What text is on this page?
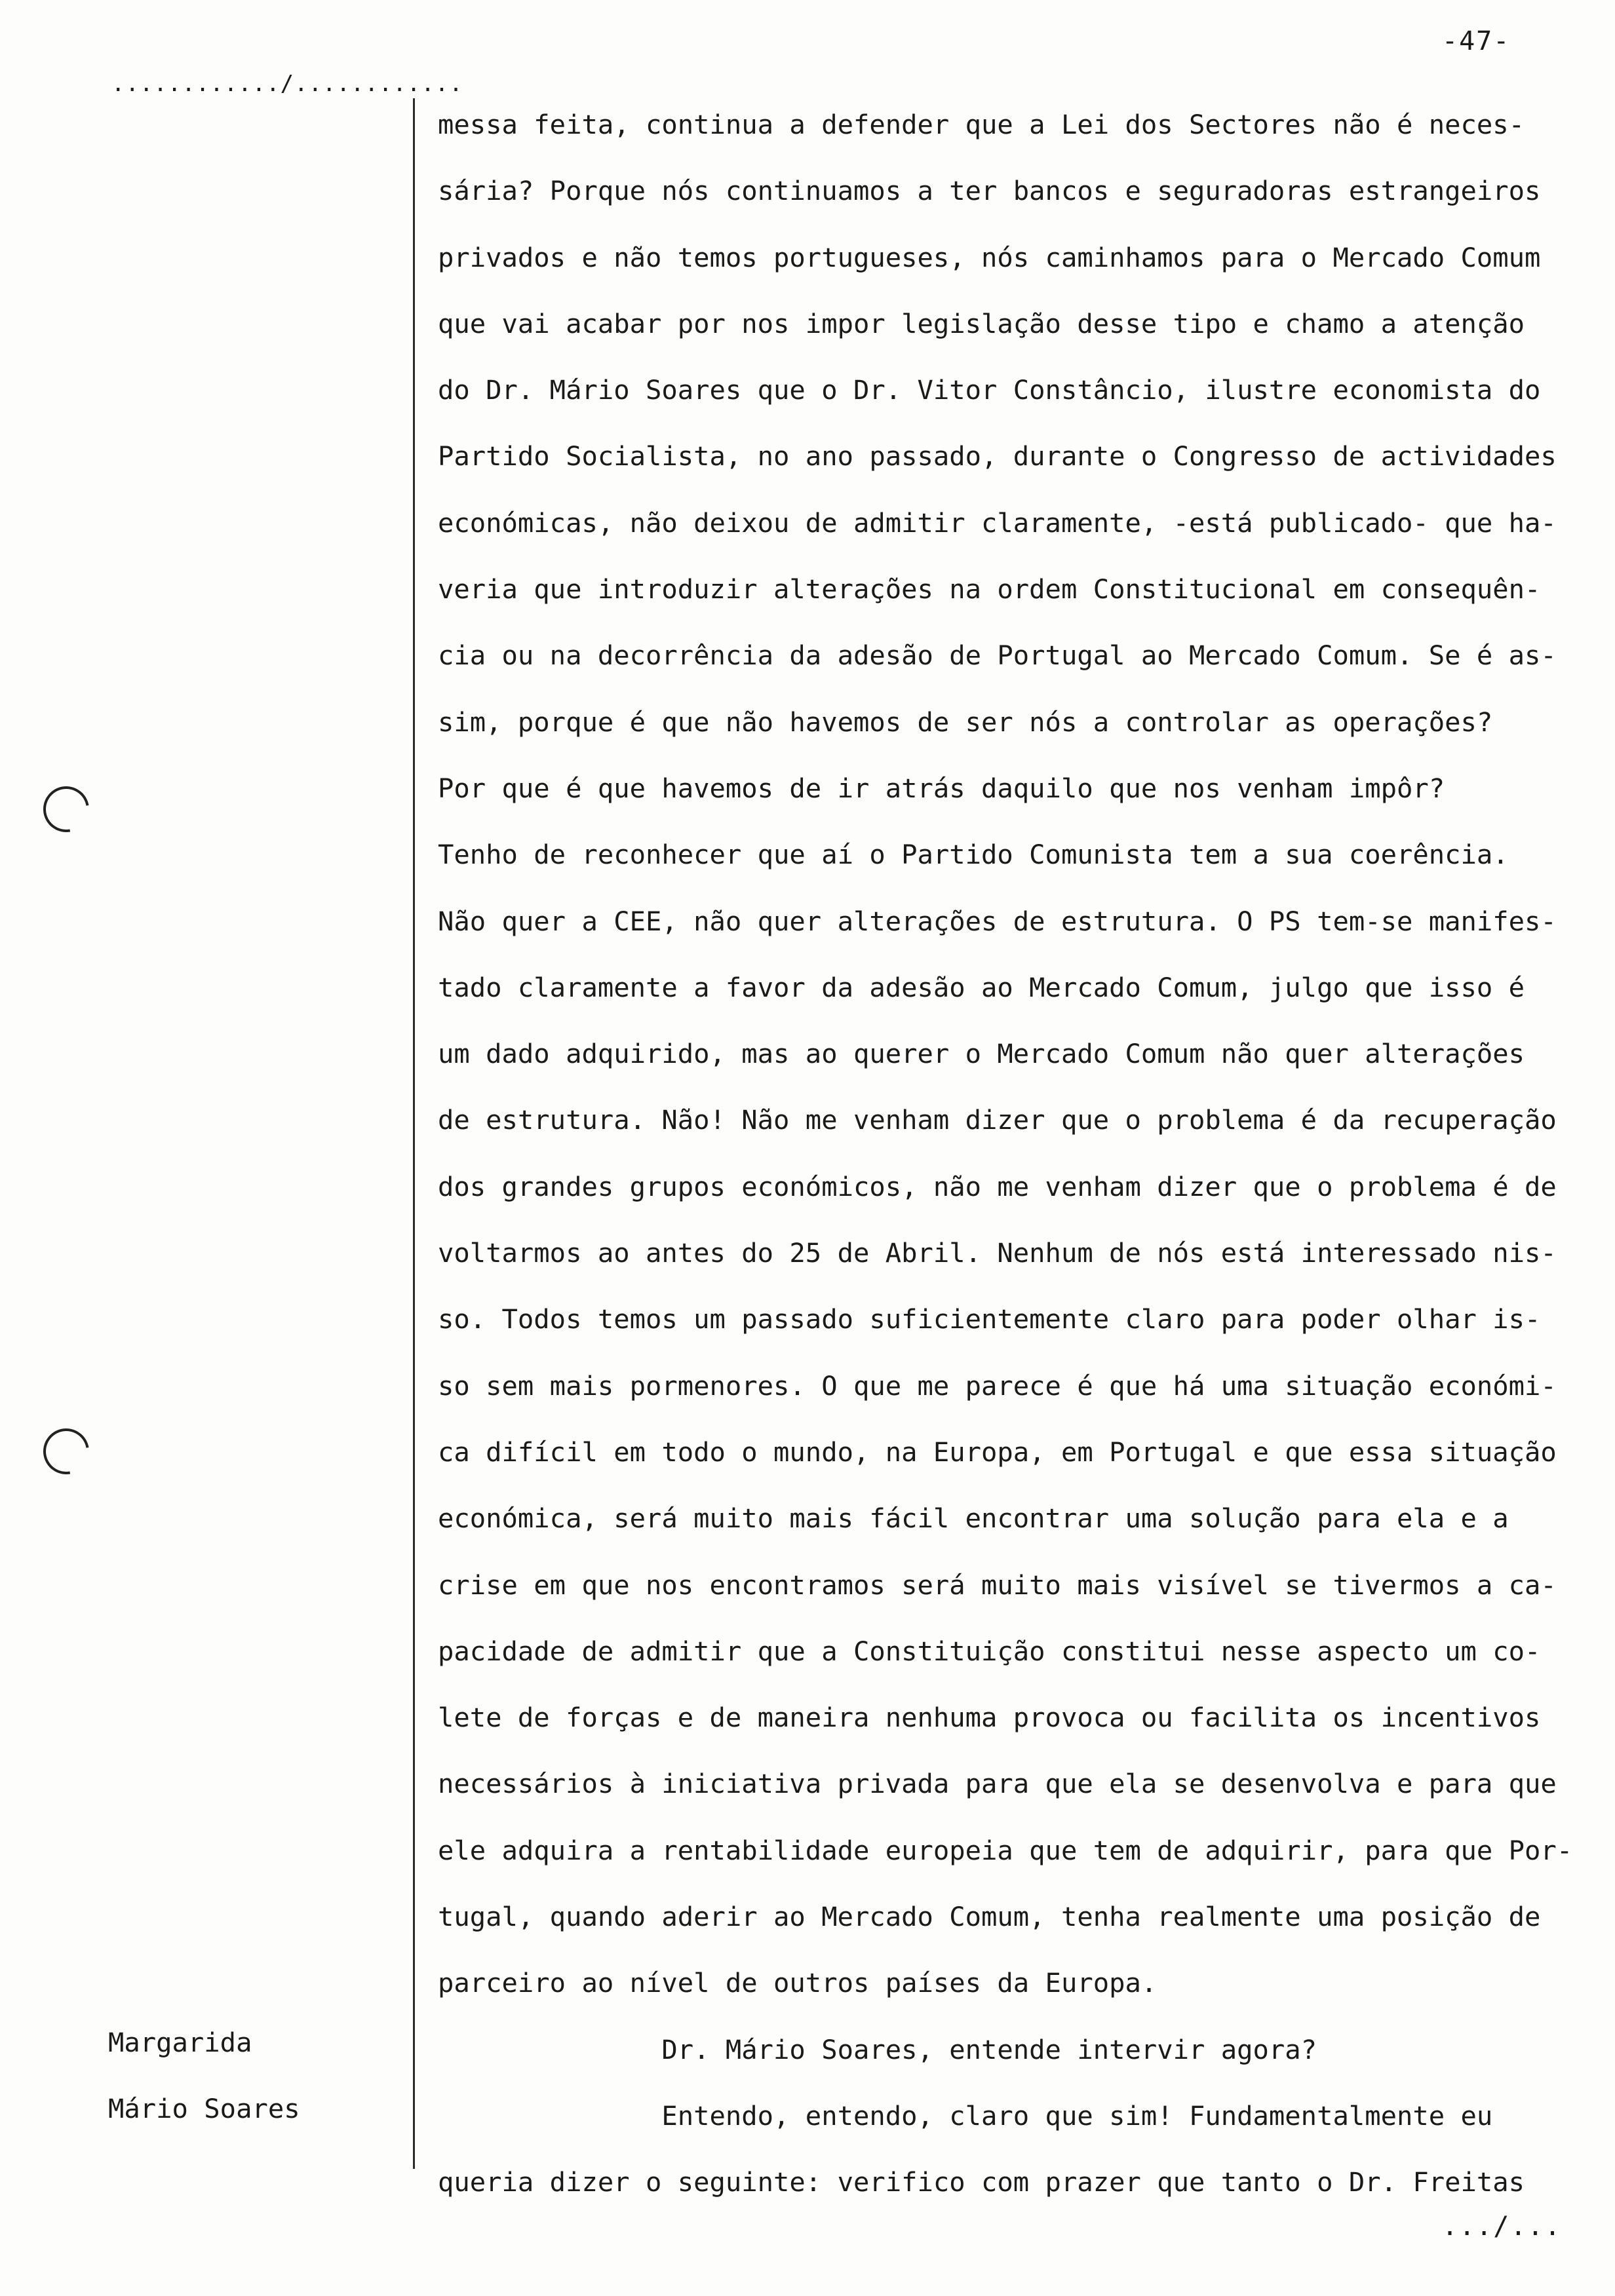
............/............
-47-
messa feita, continua a defender que a Lei dos Sectores não é neces-
sária? Porque nós continuamos a ter bancos e seguradoras estrangeiros
privados e não temos portugueses, nós caminhamos para o Mercado Comum
que vai acabar por nos impor legislação desse tipo e chamo a atenção
do Dr. Mário Soares que o Dr. Vitor Constâncio, ilustre economista do
Partido Socialista, no ano passado, durante o Congresso de actividades
económicas, não deixou de admitir claramente, -está publicado- que ha-
veria que introduzir alterações na ordem Constitucional em consequên-
cia ou na decorrência da adesão de Portugal ao Mercado Comum. Se é as-
sim, porque é que não havemos de ser nós a controlar as operações?
Por que é que havemos de ir atrás daquilo que nos venham impôr?
Tenho de reconhecer que aí o Partido Comunista tem a sua coerência.
Não quer a CEE, não quer alterações de estrutura. O PS tem-se manifes-
tado claramente a favor da adesão ao Mercado Comum, julgo que isso é
um dado adquirido, mas ao querer o Mercado Comum não quer alterações
de estrutura. Não! Não me venham dizer que o problema é da recuperação
dos grandes grupos económicos, não me venham dizer que o problema é de
voltarmos ao antes do 25 de Abril. Nenhum de nós está interessado nis-
so. Todos temos um passado suficientemente claro para poder olhar is-
so sem mais pormenores. O que me parece é que há uma situação económi-
ca difícil em todo o mundo, na Europa, em Portugal e que essa situação
económica, será muito mais fácil encontrar uma solução para ela e a
crise em que nos encontramos será muito mais visível se tivermos a ca-
pacidade de admitir que a Constituição constitui nesse aspecto um co-
lete de forças e de maneira nenhuma provoca ou facilita os incentivos
necessários à iniciativa privada para que ela se desenvolva e para que
ele adquira a rentabilidade europeia que tem de adquirir, para que Por-
tugal, quando aderir ao Mercado Comum, tenha realmente uma posição de
parceiro ao nível de outros países da Europa.
Dr. Mário Soares, entende intervir agora?
Entendo, entendo, claro que sim! Fundamentalmente eu
queria dizer o seguinte: verifico com prazer que tanto o Dr. Freitas
Margarida
Mário Soares
.../...
